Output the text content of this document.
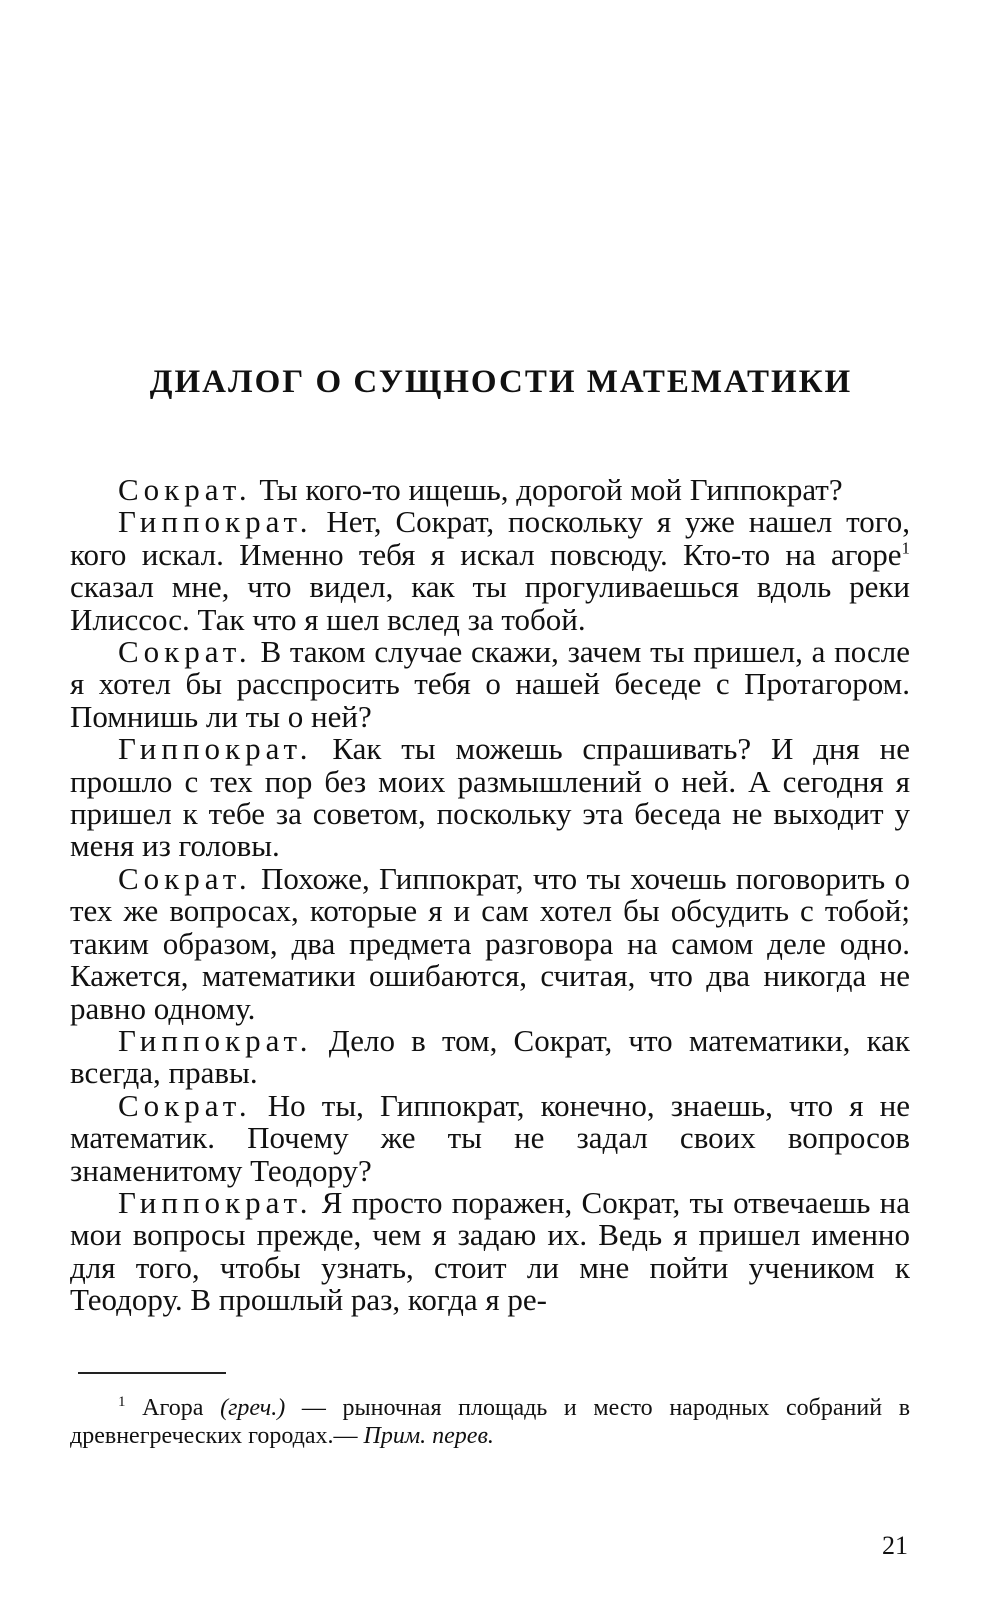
ДИАЛОГ О СУЩНОСТИ МАТЕМАТИКИ

Сократ. Ты кого-то ищешь, дорогой мой Гиппократ?

Гиппократ. Нет, Сократ, поскольку я уже нашел того, кого искал. Именно тебя я искал повсюду. Кто-то на агоре$^1$ сказал мне, что видел, как ты прогуливаешься вдоль реки Илиссос. Так что я шел вслед за тобой.

Сократ. В таком случае скажи, зачем ты пришел, а после я хотел бы расспросить тебя о нашей беседе с Протагором. Помнишь ли ты о ней?

Гиппократ. Как ты можешь спрашивать? И дня не прошло с тех пор без моих размышлений о ней. А сегодня я пришел к тебе за советом, поскольку эта беседа не выходит у меня из головы.

Сократ. Похоже, Гиппократ, что ты хочешь поговорить о тех же вопросах, которые я и сам хотел бы обсудить с тобой; таким образом, два предмета разговора на самом деле одно. Кажется, математики ошибаются, считая, что два никогда не равно одному.

Гиппократ. Дело в том, Сократ, что математики, как всегда, правы.

Сократ. Но ты, Гиппократ, конечно, знаешь, что я не математик. Почему же ты не задал своих вопросов знаменитому Теодору?

Гиппократ. Я просто поражен, Сократ, ты отвечаешь на мои вопросы прежде, чем я задаю их. Ведь я пришел именно для того, чтобы узнать, стоит ли мне пойти учеником к Теодору. В прошлый раз, когда я ре-

$^1$ Агора (греч.) — рыночная площадь и место народных собраний в древнегреческих городах.— Прим. перев.

21
